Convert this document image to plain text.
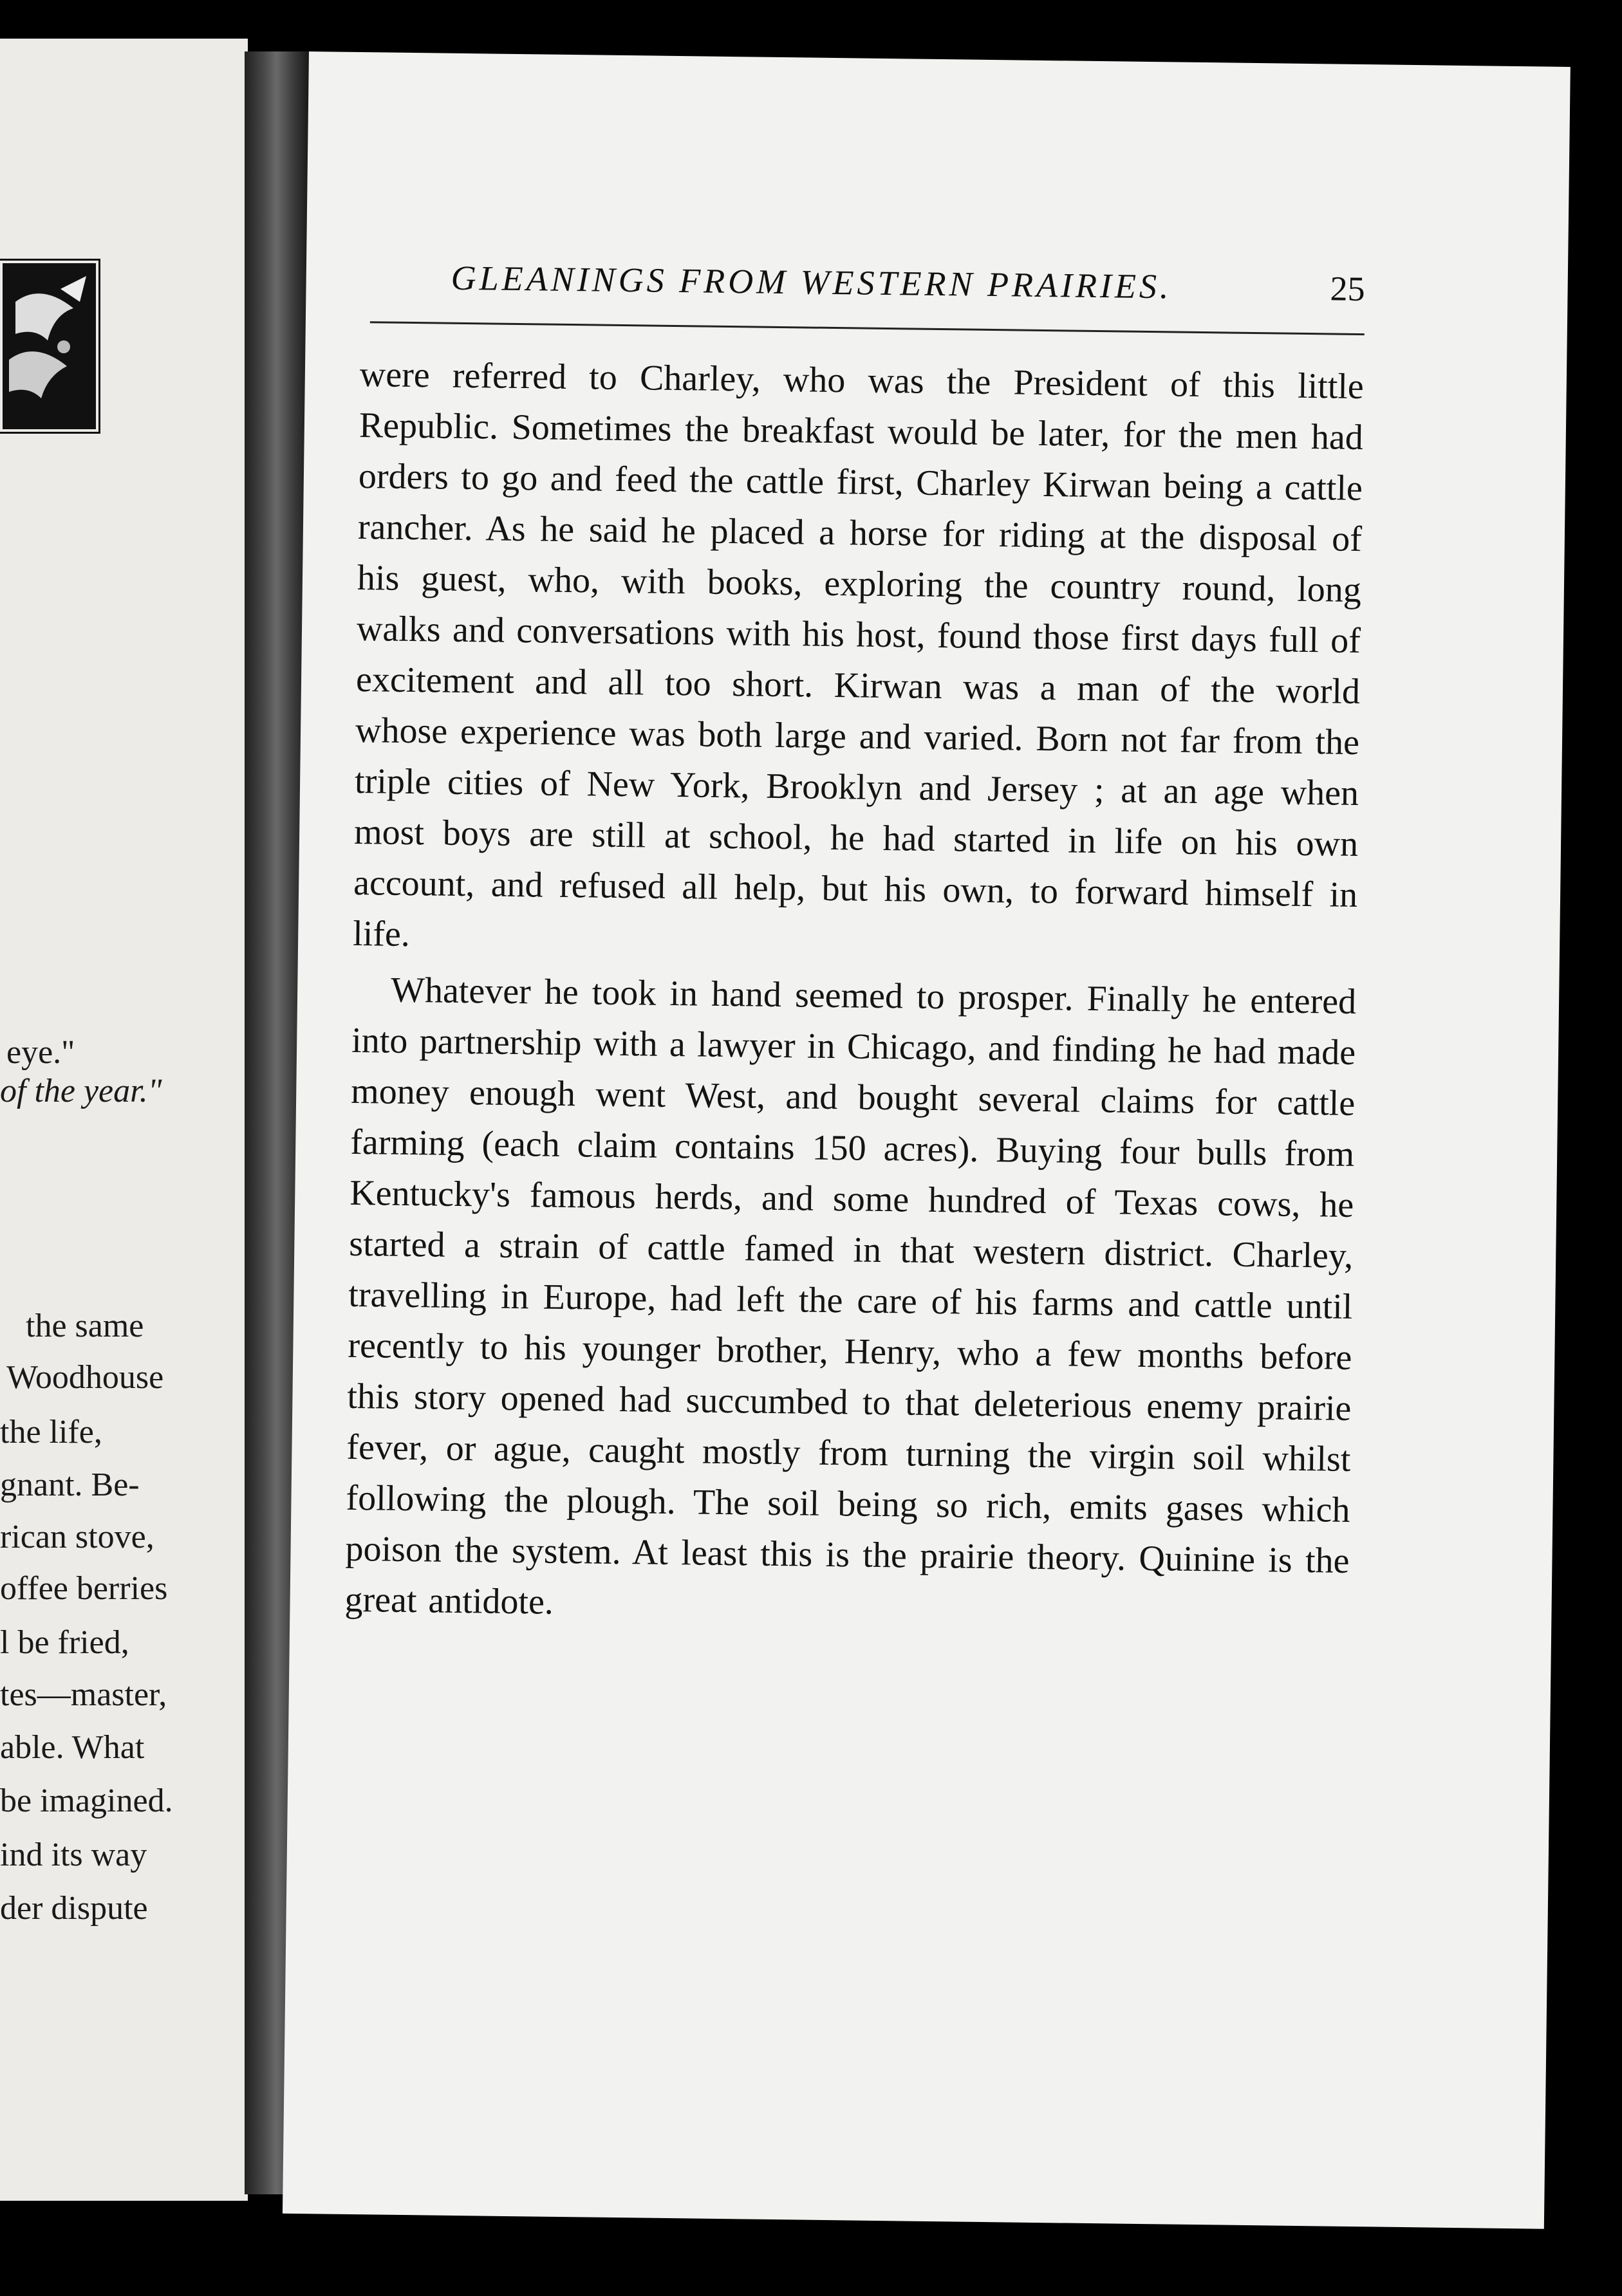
eye."
of the year."
the same
Woodhouse
the life,
gnant. Be-
rican stove,
offee berries
l be fried,
tes—master,
able. What
be imagined.
ind its way
der dispute
GLEANINGS FROM WESTERN PRAIRIES.	25

were referred to Charley, who was the President of this little Republic. Sometimes the breakfast would be later, for the men had orders to go and feed the cattle first, Charley Kirwan being a cattle rancher. As he said he placed a horse for riding at the disposal of his guest, who, with books, exploring the country round, long walks and conversations with his host, found those first days full of excitement and all too short. Kirwan was a man of the world whose experience was both large and varied. Born not far from the triple cities of New York, Brooklyn and Jersey ; at an age when most boys are still at school, he had started in life on his own account, and refused all help, but his own, to forward himself in life.

Whatever he took in hand seemed to prosper. Finally he entered into partnership with a lawyer in Chicago, and finding he had made money enough went West, and bought several claims for cattle farming (each claim contains 150 acres). Buying four bulls from Kentucky's famous herds, and some hundred of Texas cows, he started a strain of cattle famed in that western district. Charley, travelling in Europe, had left the care of his farms and cattle until recently to his younger brother, Henry, who a few months before this story opened had succumbed to that deleterious enemy prairie fever, or ague, caught mostly from turning the virgin soil whilst following the plough. The soil being so rich, emits gases which poison the system. At least this is the prairie theory. Quinine is the great antidote.
